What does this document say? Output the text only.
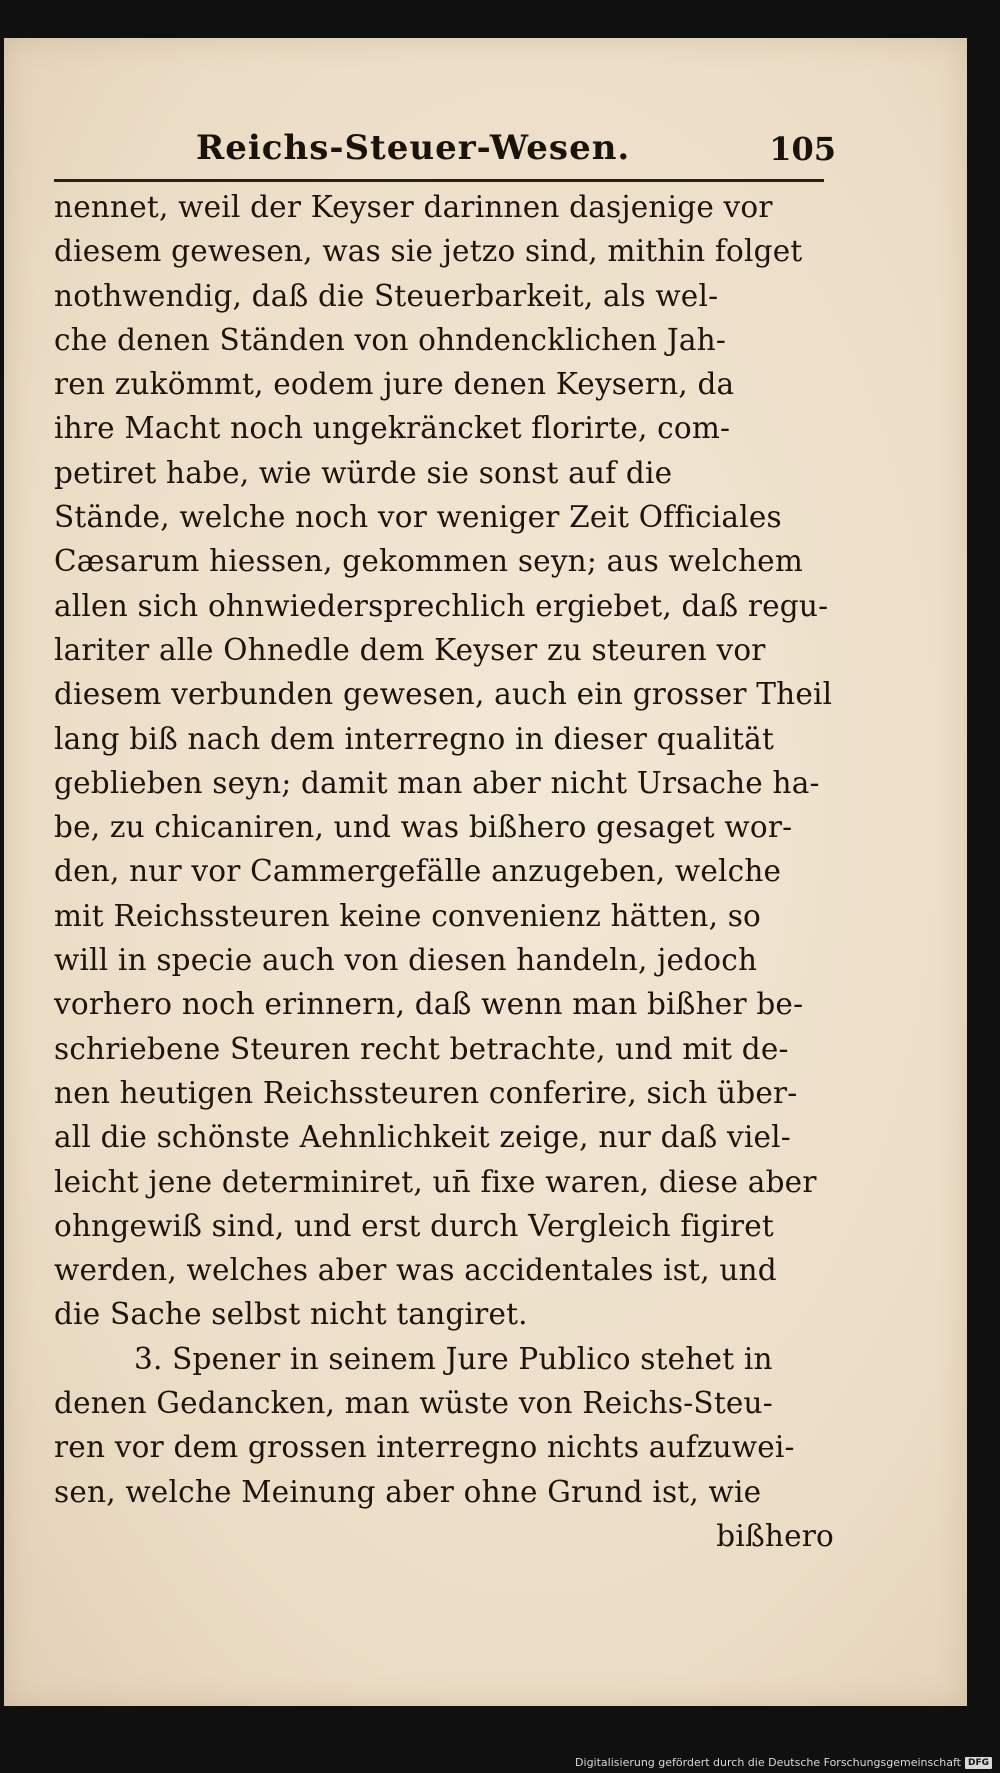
Reichs-Steuer-Wesen.	105
nennet, weil der Keyser darinnen dasjenige vor
diesem gewesen, was sie jetzo sind, mithin folget
nothwendig, daß die Steuerbarkeit, als wel-
che denen Ständen von ohndencklichen Jah-
ren zukömmt, eodem jure denen Keysern, da
ihre Macht noch ungekräncket florirte, com-
petiret habe, wie würde sie sonst auf die
Stände, welche noch vor weniger Zeit Officiales
Cæsarum hiessen, gekommen seyn; aus welchem
allen sich ohnwiedersprechlich ergiebet, daß regu-
lariter alle Ohnedle dem Keyser zu steuren vor
diesem verbunden gewesen, auch ein grosser Theil
lang biß nach dem interregno in dieser qualität
geblieben seyn; damit man aber nicht Ursache ha-
be, zu chicaniren, und was bißhero gesaget wor-
den, nur vor Cammergefälle anzugeben, welche
mit Reichssteuren keine convenienz hätten, so
will in specie auch von diesen handeln, jedoch
vorhero noch erinnern, daß wenn man bißher be-
schriebene Steuren recht betrachte, und mit de-
nen heutigen Reichssteuren conferire, sich über-
all die schönste Aehnlichkeit zeige, nur daß viel-
leicht jene determiniret, un̄ fixe waren, diese aber
ohngewiß sind, und erst durch Vergleich figiret
werden, welches aber was accidentales ist, und
die Sache selbst nicht tangiret.
3. Spener in seinem Jure Publico stehet in
denen Gedancken, man wüste von Reichs-Steu-
ren vor dem grossen interregno nichts aufzuwei-
sen, welche Meinung aber ohne Grund ist, wie
bißhero
Digitalisierung gefördert durch die Deutsche Forschungsgemeinschaft DFG
